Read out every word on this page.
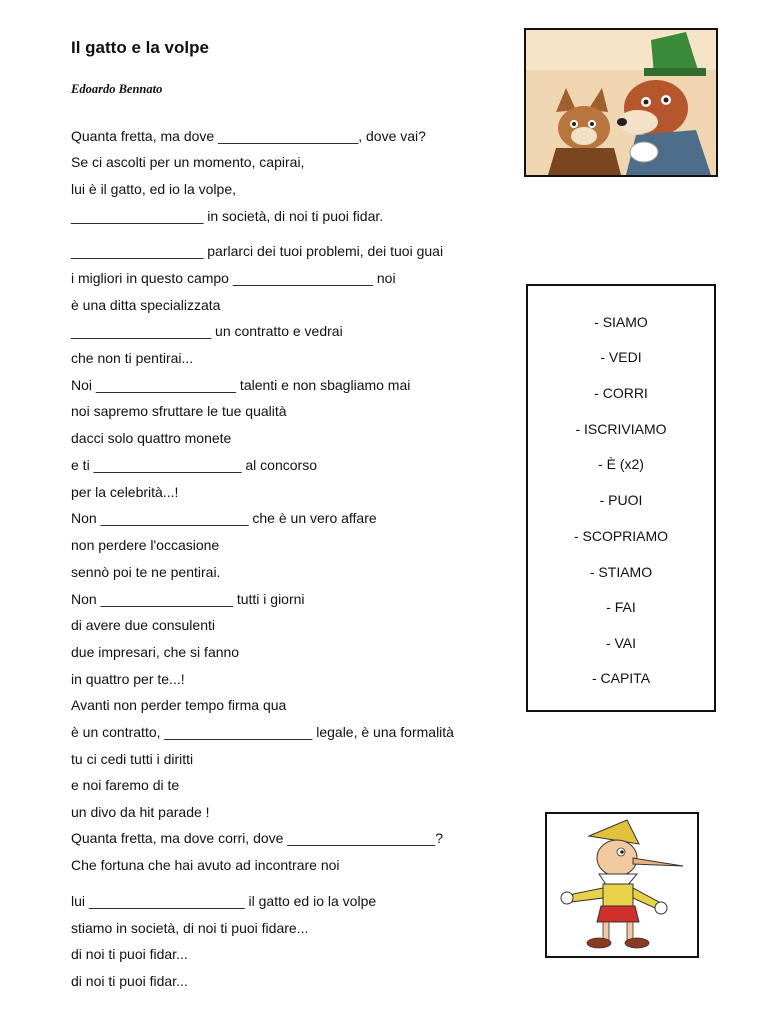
Il gatto e la volpe
Edoardo Bennato
Quanta fretta, ma dove __________________, dove vai?
Se ci ascolti per un momento, capirai,
lui è il gatto, ed io la volpe,
_________________ in società, di noi ti puoi fidar.
_________________ parlarci dei tuoi problemi, dei tuoi guai
i migliori in questo campo __________________ noi
è una ditta specializzata
__________________ un contratto e vedrai
che non ti pentirai...
Noi __________________ talenti e non sbagliamo mai
noi sapremo sfruttare le tue qualità
dacci solo quattro monete
e ti ___________________ al concorso
per la celebrità...!
Non ___________________ che è un vero affare
non perdere l'occasione
sennò poi te ne pentirai.
Non _________________ tutti i giorni
di avere due consulenti
due impresari, che si fanno
in quattro per te...!
Avanti non perder tempo firma qua
è un contratto, ___________________ legale, è una formalità
tu ci cedi tutti i diritti
e noi faremo di te
un divo da hit parade !
Quanta fretta, ma dove corri, dove ___________________?
Che fortuna che hai avuto ad incontrare noi
lui ____________________ il gatto ed io la volpe
stiamo in società, di noi ti puoi fidare...
di noi ti puoi fidar...
di noi ti puoi fidar...
- SIAMO
- VEDI
- CORRI
- ISCRIVIAMO
- È (x2)
- PUOI
- SCOPRIAMO
- STIAMO
- FAI
- VAI
- CAPITA
